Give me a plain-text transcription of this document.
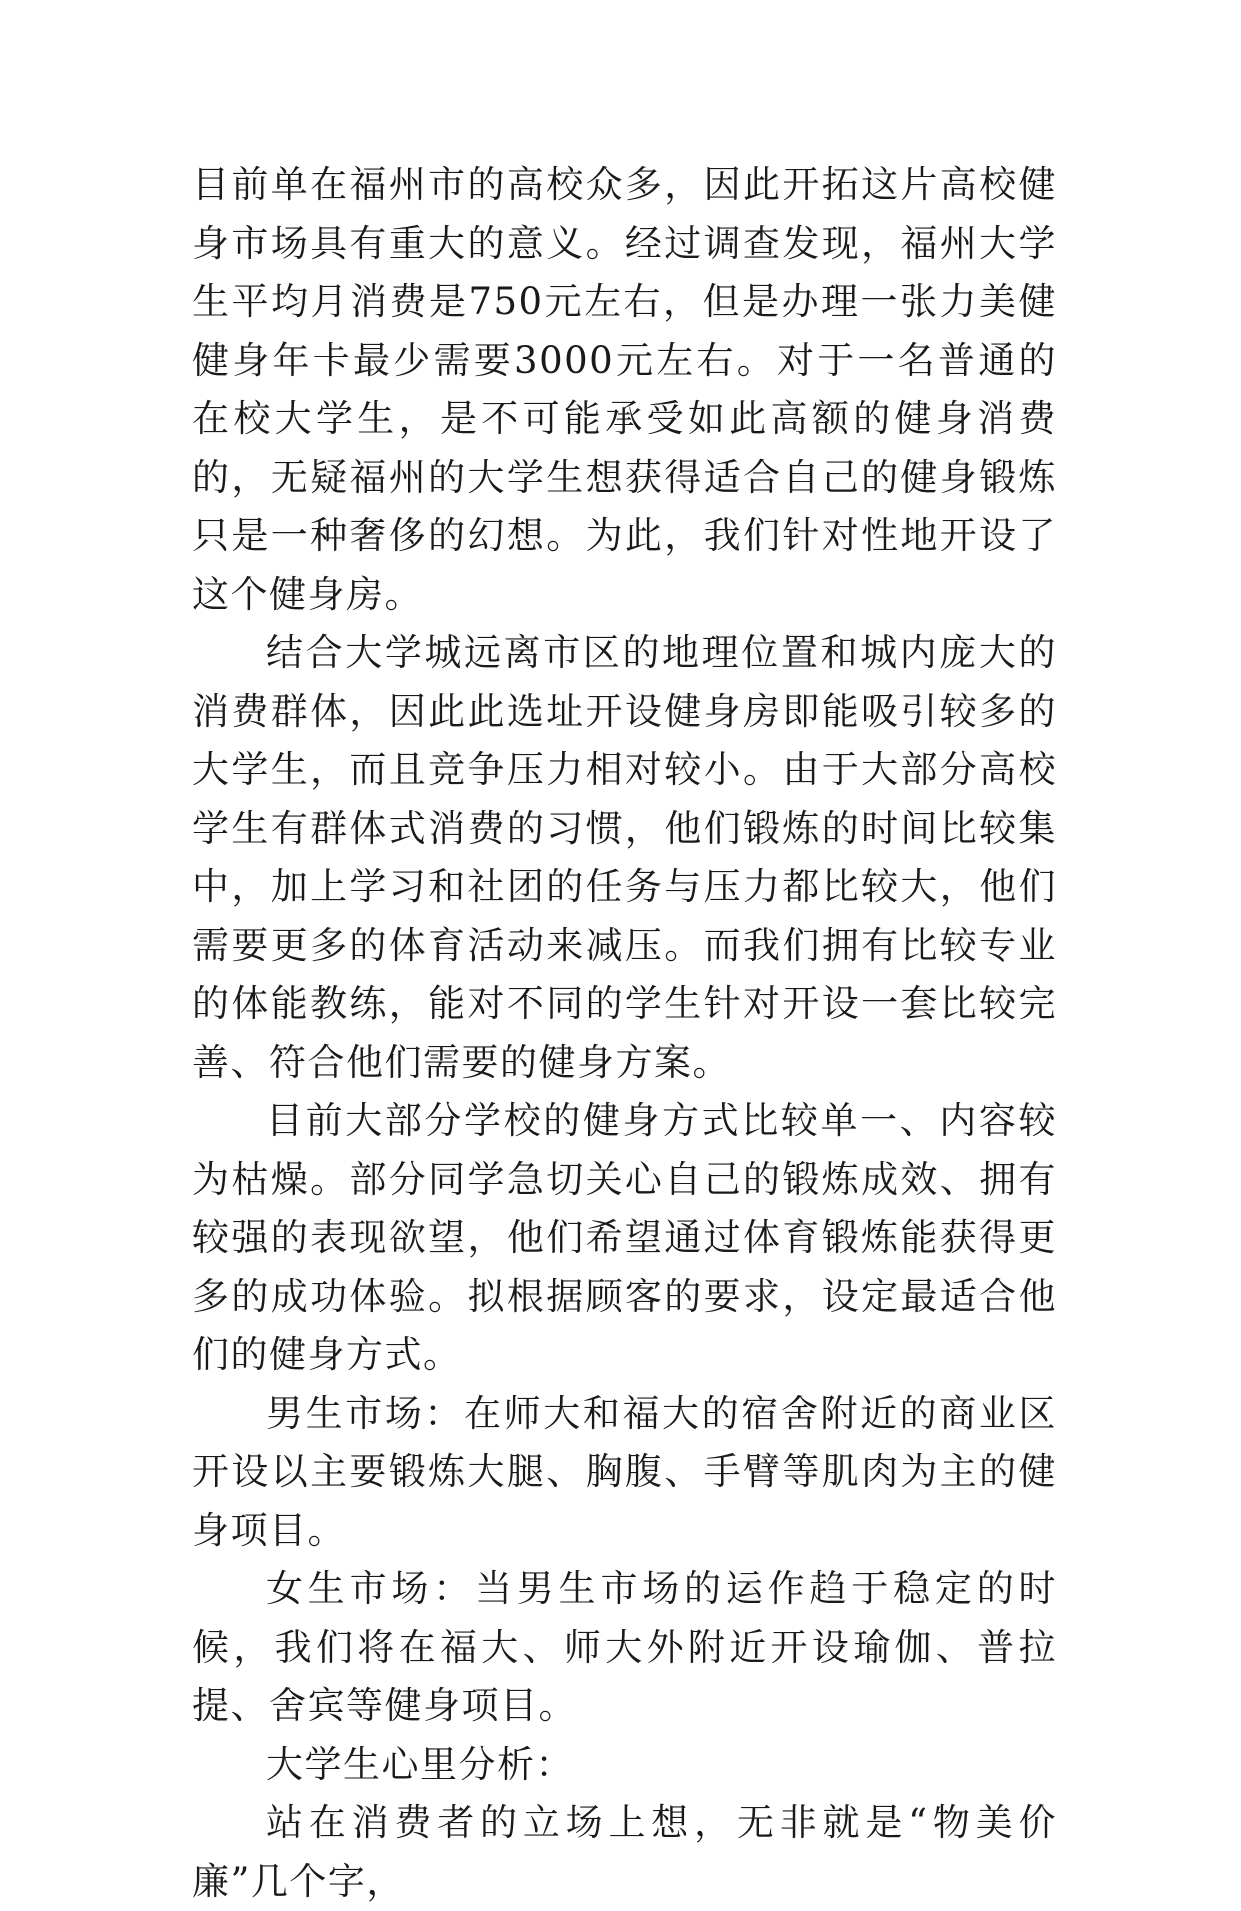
目前单在福州市的高校众多，因此开拓这片高校健身市场具有重大的意义。经过调查发现，福州大学生平均月消费是750元左右，但是办理一张力美健健身年卡最少需要3000元左右。对于一名普通的在校大学生，是不可能承受如此高额的健身消费的，无疑福州的大学生想获得适合自己的健身锻炼只是一种奢侈的幻想。为此，我们针对性地开设了这个健身房。

结合大学城远离市区的地理位置和城内庞大的消费群体，因此此选址开设健身房即能吸引较多的大学生，而且竞争压力相对较小。由于大部分高校学生有群体式消费的习惯，他们锻炼的时间比较集中，加上学习和社团的任务与压力都比较大，他们需要更多的体育活动来减压。而我们拥有比较专业的体能教练，能对不同的学生针对开设一套比较完善、符合他们需要的健身方案。

目前大部分学校的健身方式比较单一、内容较为枯燥。部分同学急切关心自己的锻炼成效、拥有较强的表现欲望，他们希望通过体育锻炼能获得更多的成功体验。拟根据顾客的要求，设定最适合他们的健身方式。

男生市场：在师大和福大的宿舍附近的商业区开设以主要锻炼大腿、胸腹、手臂等肌肉为主的健身项目。

女生市场：当男生市场的运作趋于稳定的时候，我们将在福大、师大外附近开设瑜伽、普拉提、舍宾等健身项目。

大学生心里分析：

站在消费者的立场上想，无非就是“物美价廉”几个字，
